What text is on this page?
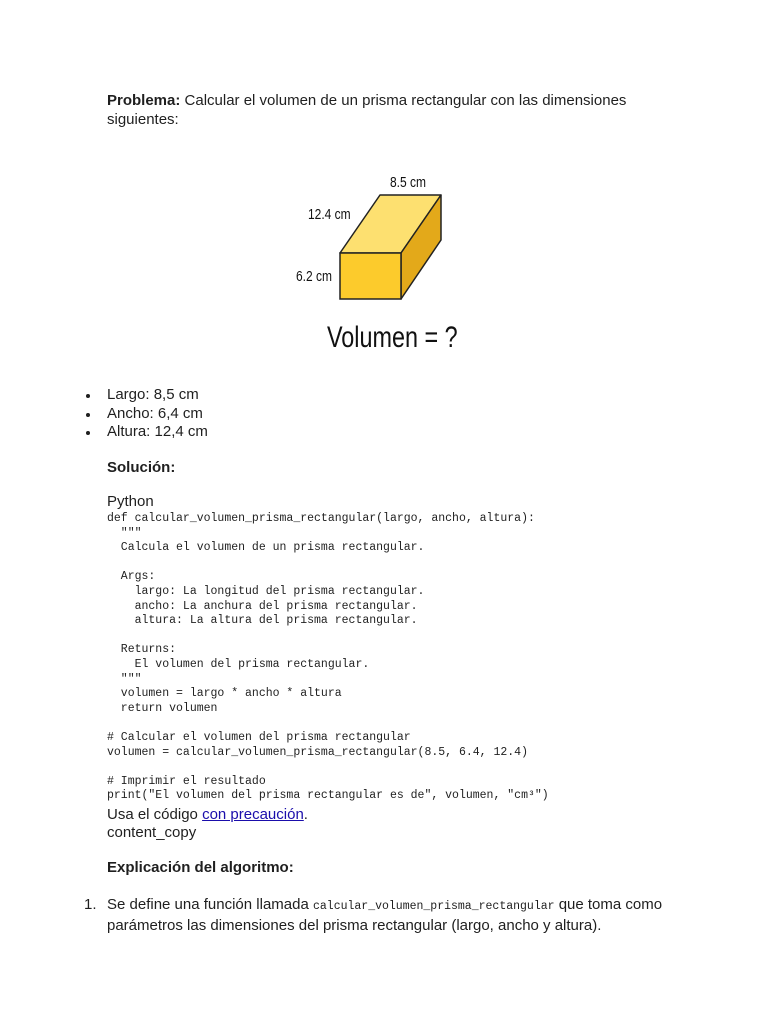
Problema: Calcular el volumen de un prisma rectangular con las dimensiones siguientes:

8.5 cm
12.4 cm
6.2 cm
Volumen = ?
Largo: 8,5 cm
Ancho: 6,4 cm
Altura: 12,4 cm
Solución:
Python
def calcular_volumen_prisma_rectangular(largo, ancho, altura):
"""
Calcula el volumen de un prisma rectangular.
Args:
largo: La longitud del prisma rectangular.
ancho: La anchura del prisma rectangular.
altura: La altura del prisma rectangular.
Returns:
El volumen del prisma rectangular.
"""
volumen = largo * ancho * altura
return volumen
# Calcular el volumen del prisma rectangular
volumen = calcular_volumen_prisma_rectangular(8.5, 6.4, 12.4)
# Imprimir el resultado
print("El volumen del prisma rectangular es de", volumen, "cm³")
Usa el código con precaución.
content_copy
Explicación del algoritmo:
1. Se define una función llamada calcular_volumen_prisma_rectangular que toma como parámetros las dimensiones del prisma rectangular (largo, ancho y altura).
